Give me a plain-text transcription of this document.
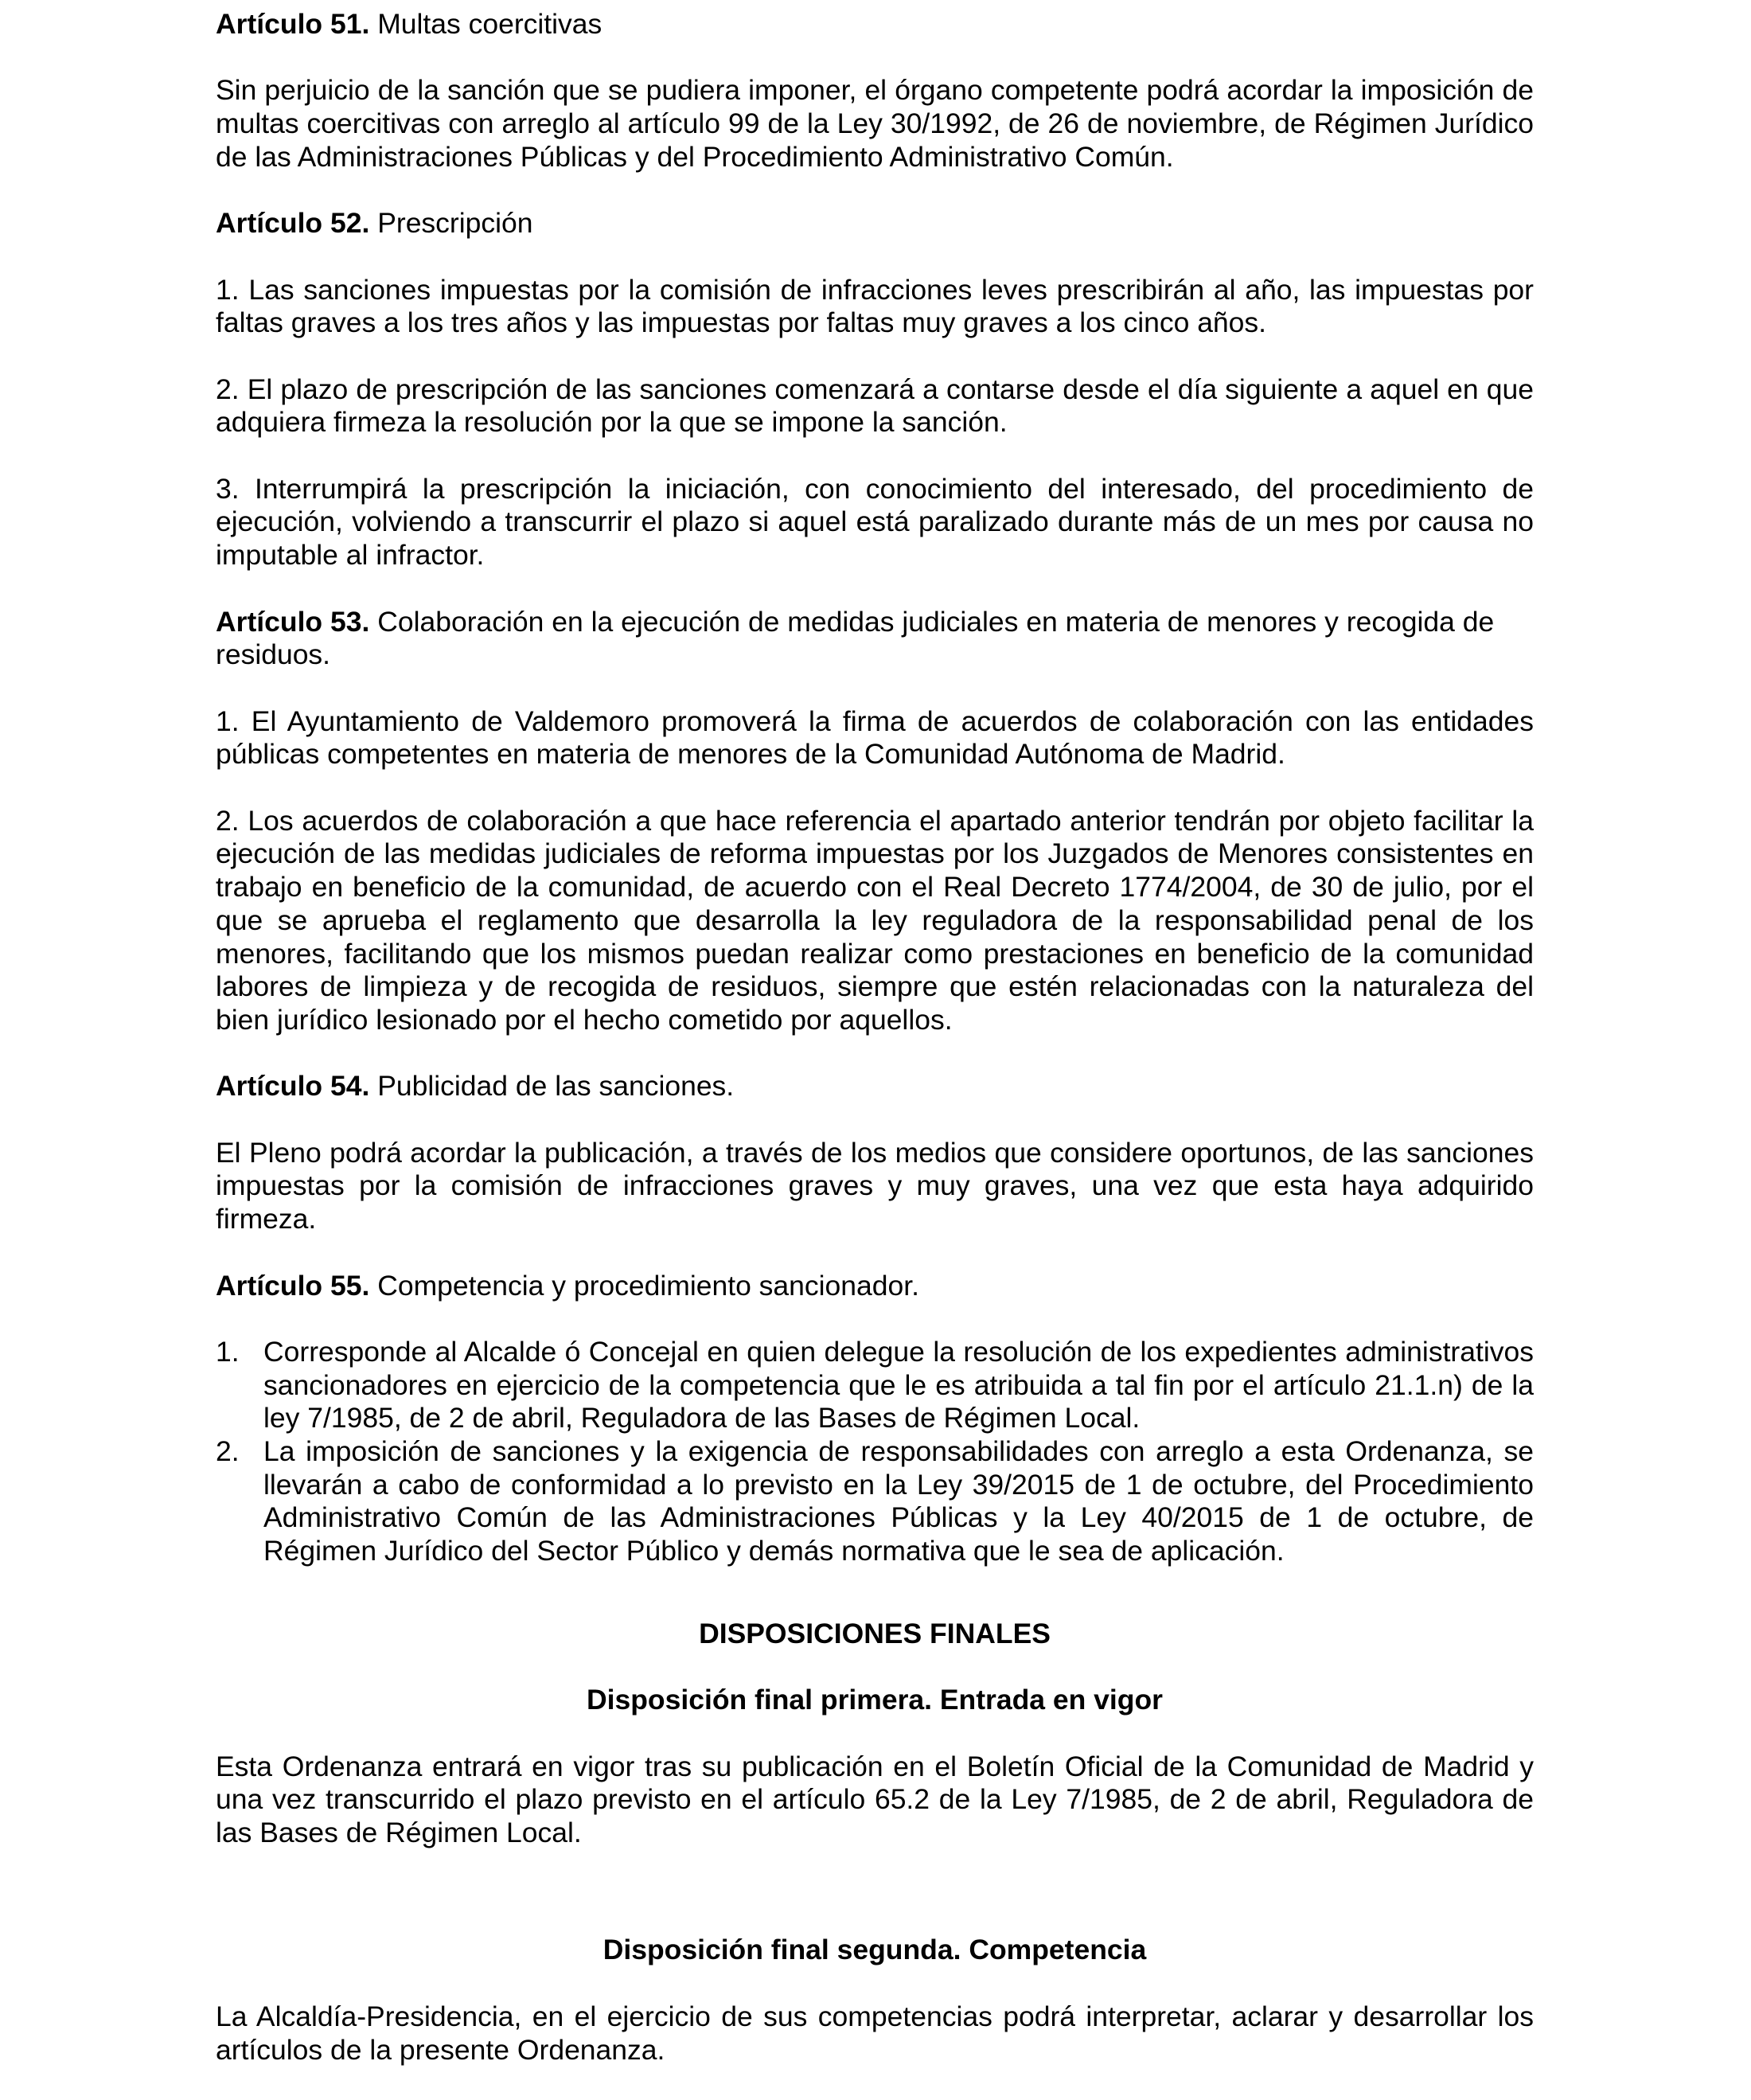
Artículo 51. Multas coercitivas

Sin perjuicio de la sanción que se pudiera imponer, el órgano competente podrá acordar la imposición de multas coercitivas con arreglo al artículo 99 de la Ley 30/1992, de 26 de noviembre, de Régimen Jurídico de las Administraciones Públicas y del Procedimiento Administrativo Común.

Artículo 52. Prescripción

1. Las sanciones impuestas por la comisión de infracciones leves prescribirán al año, las impuestas por faltas graves a los tres años y las impuestas por faltas muy graves a los cinco años.

2. El plazo de prescripción de las sanciones comenzará a contarse desde el día siguiente a aquel en que adquiera firmeza la resolución por la que se impone la sanción.

3. Interrumpirá la prescripción la iniciación, con conocimiento del interesado, del procedimiento de ejecución, volviendo a transcurrir el plazo si aquel está paralizado durante más de un mes por causa no imputable al infractor.

Artículo 53. Colaboración en la ejecución de medidas judiciales en materia de menores y recogida de residuos.

1. El Ayuntamiento de Valdemoro promoverá la firma de acuerdos de colaboración con las entidades públicas competentes en materia de menores de la Comunidad Autónoma de Madrid.

2. Los acuerdos de colaboración a que hace referencia el apartado anterior tendrán por objeto facilitar la ejecución de las medidas judiciales de reforma impuestas por los Juzgados de Menores consistentes en trabajo en beneficio de la comunidad, de acuerdo con el Real Decreto 1774/2004, de 30 de julio, por el que se aprueba el reglamento que desarrolla la ley reguladora de la responsabilidad penal de los menores, facilitando que los mismos puedan realizar como prestaciones en beneficio de la comunidad labores de limpieza y de recogida de residuos, siempre que estén relacionadas con la naturaleza del bien jurídico lesionado por el hecho cometido por aquellos.

Artículo 54. Publicidad de las sanciones.

El Pleno podrá acordar la publicación, a través de los medios que considere oportunos, de las sanciones impuestas por la comisión de infracciones graves y muy graves, una vez que esta haya adquirido firmeza.

Artículo 55. Competencia y procedimiento sancionador.
1. Corresponde al Alcalde ó Concejal en quien delegue la resolución de los expedientes administrativos sancionadores en ejercicio de la competencia que le es atribuida a tal fin por el artículo 21.1.n) de la ley 7/1985, de 2 de abril, Reguladora de las Bases de Régimen Local.
2. La imposición de sanciones y la exigencia de responsabilidades con arreglo a esta Ordenanza, se llevarán a cabo de conformidad a lo previsto en la Ley 39/2015 de 1 de octubre, del Procedimiento Administrativo Común de las Administraciones Públicas y la Ley 40/2015 de 1 de octubre, de Régimen Jurídico del Sector Público y demás normativa que le sea de aplicación.
DISPOSICIONES FINALES
Disposición final primera. Entrada en vigor

Esta Ordenanza entrará en vigor tras su publicación en el Boletín Oficial de la Comunidad de Madrid y una vez transcurrido el plazo previsto en el artículo 65.2 de la Ley 7/1985, de 2 de abril, Reguladora de las Bases de Régimen Local.

Disposición final segunda. Competencia

La Alcaldía-Presidencia, en el ejercicio de sus competencias podrá interpretar, aclarar y desarrollar los artículos de la presente Ordenanza.
